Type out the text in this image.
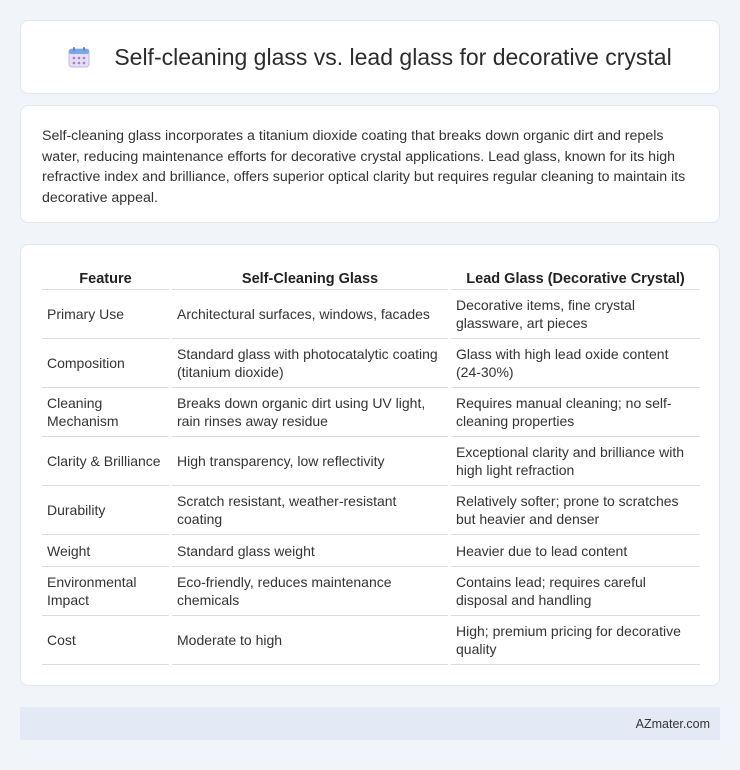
Self-cleaning glass vs. lead glass for decorative crystal

Self-cleaning glass incorporates a titanium dioxide coating that breaks down organic dirt and repels water, reducing maintenance efforts for decorative crystal applications. Lead glass, known for its high refractive index and brilliance, offers superior optical clarity but requires regular cleaning to maintain its decorative appeal.

Feature	Self-Cleaning Glass	Lead Glass (Decorative Crystal)
Primary Use	Architectural surfaces, windows, facades	Decorative items, fine crystal glassware, art pieces
Composition	Standard glass with photocatalytic coating (titanium dioxide)	Glass with high lead oxide content (24-30%)
Cleaning Mechanism	Breaks down organic dirt using UV light, rain rinses away residue	Requires manual cleaning; no self-cleaning properties
Clarity & Brilliance	High transparency, low reflectivity	Exceptional clarity and brilliance with high light refraction
Durability	Scratch resistant, weather-resistant coating	Relatively softer; prone to scratches but heavier and denser
Weight	Standard glass weight	Heavier due to lead content
Environmental Impact	Eco-friendly, reduces maintenance chemicals	Contains lead; requires careful disposal and handling
Cost	Moderate to high	High; premium pricing for decorative quality
AZmater.com
